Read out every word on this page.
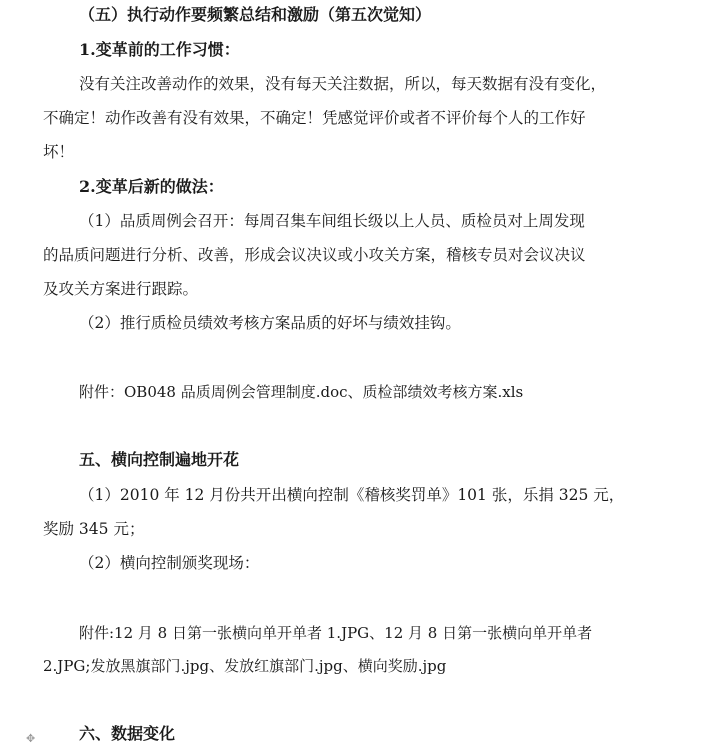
（五）执行动作要频繁总结和激励（第五次觉知）
1.变革前的工作习惯：
没有关注改善动作的效果，没有每天关注数据，所以，每天数据有没有变化，
不确定！动作改善有没有效果，不确定！凭感觉评价或者不评价每个人的工作好
坏！
2.变革后新的做法：
（1）品质周例会召开：每周召集车间组长级以上人员、质检员对上周发现
的品质问题进行分析、改善，形成会议决议或小攻关方案，稽核专员对会议决议
及攻关方案进行跟踪。
（2）推行质检员绩效考核方案品质的好坏与绩效挂钩。
附件：OB048 品质周例会管理制度.doc、质检部绩效考核方案.xls
五、横向控制遍地开花
（1）2010 年 12 月份共开出横向控制《稽核奖罚单》101 张，乐捐 325 元，
奖励 345 元；
（2）横向控制颁奖现场：
附件:12 月 8 日第一张横向单开单者 1.JPG、12 月 8 日第一张横向单开单者
2.JPG;发放黑旗部门.jpg、发放红旗部门.jpg、横向奖励.jpg
六、数据变化
✥
